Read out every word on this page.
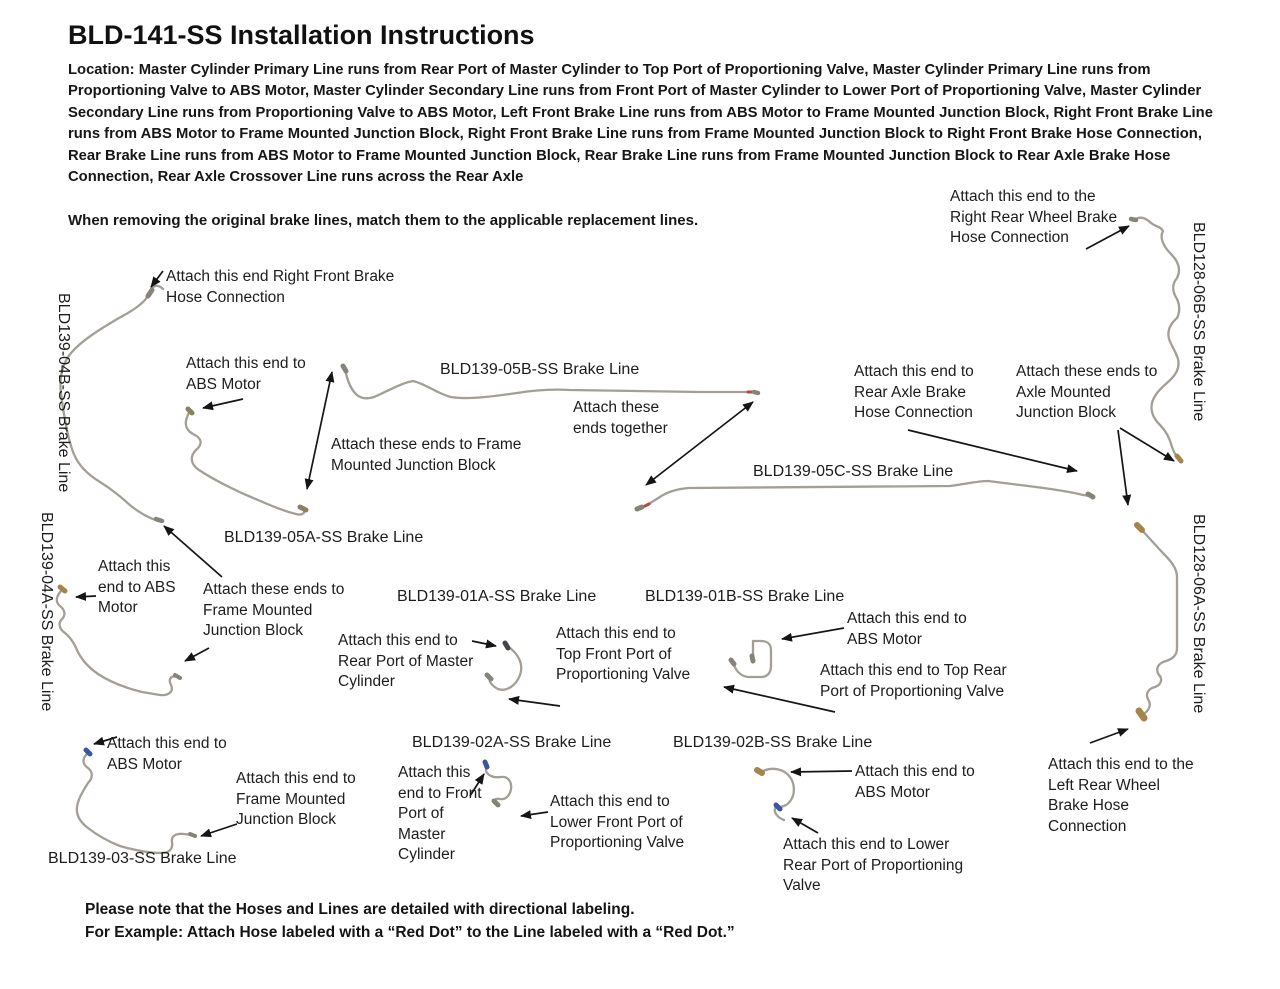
BLD-141-SS Installation Instructions

Location: Master Cylinder Primary Line runs from Rear Port of Master Cylinder to Top Port of Proportioning Valve, Master Cylinder Primary Line runs from Proportioning Valve to ABS Motor, Master Cylinder Secondary Line runs from Front Port of Master Cylinder to Lower Port of Proportioning Valve, Master Cylinder Secondary Line runs from Proportioning Valve to ABS Motor, Left Front Brake Line runs from ABS Motor to Frame Mounted Junction Block, Right Front Brake Line runs from ABS Motor to Frame Mounted Junction Block, Right Front Brake Line runs from Frame Mounted Junction Block to Right Front Brake Hose Connection, Rear Brake Line runs from ABS Motor to Frame Mounted Junction Block, Rear Brake Line runs from Frame Mounted Junction Block to Rear Axle Brake Hose Connection, Rear Axle Crossover Line runs across the Rear Axle

When removing the original brake lines, match them to the applicable replacement lines.

Attach this end Right Front Brake Hose Connection
Attach this end to ABS Motor
Attach these ends to Frame Mounted Junction Block
Attach these ends together
Attach this end to Rear Axle Brake Hose Connection
Attach these ends to Axle Mounted Junction Block
Attach this end to the Right Rear Wheel Brake Hose Connection
Attach this end to ABS Motor
Attach these ends to Frame Mounted Junction Block
Attach this end to Rear Port of Master Cylinder
Attach this end to Top Front Port of Proportioning Valve
Attach this end to ABS Motor
Attach this end to Top Rear Port of Proportioning Valve
Attach this end to ABS Motor
Attach this end to Frame Mounted Junction Block
Attach this end to Front Port of Master Cylinder
Attach this end to Lower Front Port of Proportioning Valve
Attach this end to ABS Motor
Attach this end to Lower Rear Port of Proportioning Valve
Attach this end to the Left Rear Wheel Brake Hose Connection
BLD139-05B-SS Brake Line
BLD139-05C-SS Brake Line
BLD139-05A-SS Brake Line
BLD139-01A-SS Brake Line	BLD139-01B-SS Brake Line
BLD139-02A-SS Brake Line	BLD139-02B-SS Brake Line
BLD139-03-SS Brake Line
BLD139-04B-SS Brake Line
BLD139-04A-SS Brake Line
BLD128-06B-SS Brake Line
BLD128-06A-SS Brake Line

Please note that the Hoses and Lines are detailed with directional labeling.

For Example: Attach Hose labeled with a “Red Dot” to the Line labeled with a “Red Dot.”
